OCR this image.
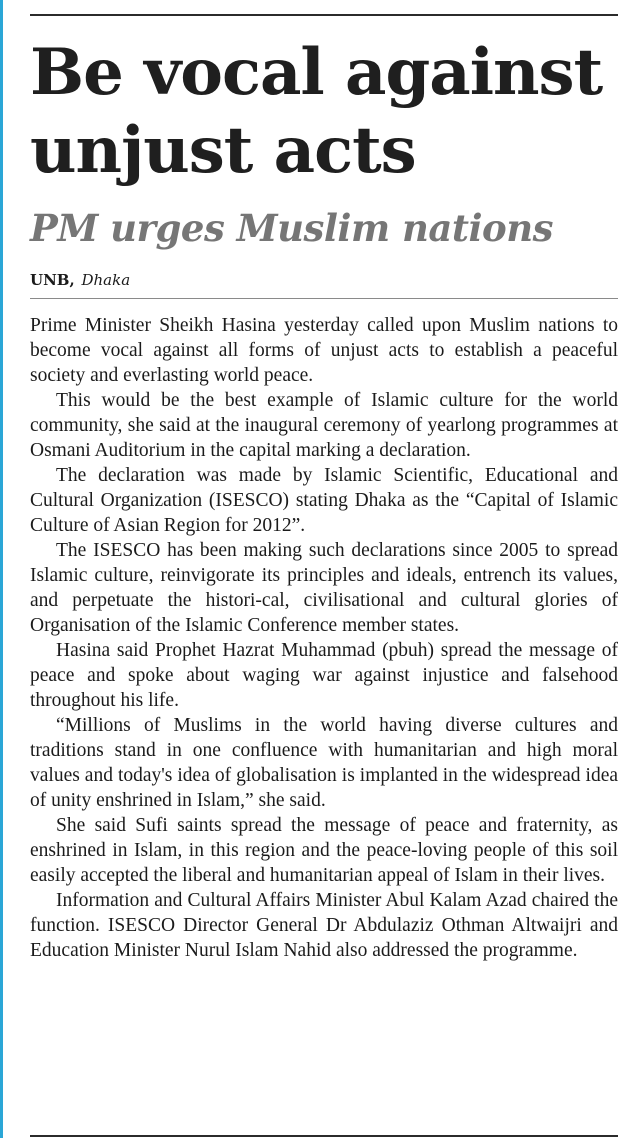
Be vocal against
unjust acts
PM urges Muslim nations
UNB, Dhaka

Prime Minister Sheikh Hasina yesterday called upon Muslim nations to become vocal against all forms of unjust acts to establish a peaceful society and everlasting world peace.

This would be the best example of Islamic culture for the world community, she said at the inaugural ceremony of yearlong programmes at Osmani Auditorium in the capital marking a declaration.

The declaration was made by Islamic Scientific, Educational and Cultural Organization (ISESCO) stating Dhaka as the “Capital of Islamic Culture of Asian Region for 2012”.

The ISESCO has been making such declarations since 2005 to spread Islamic culture, reinvigorate its principles and ideals, entrench its values, and perpetuate the histori-cal, civilisational and cultural glories of Organisation of the Islamic Conference member states.

Hasina said Prophet Hazrat Muhammad (pbuh) spread the message of peace and spoke about waging war against injustice and falsehood throughout his life.

“Millions of Muslims in the world having diverse cultures and traditions stand in one confluence with humanitarian and high moral values and today's idea of globalisation is implanted in the widespread idea of unity enshrined in Islam,” she said.

She said Sufi saints spread the message of peace and fraternity, as enshrined in Islam, in this region and the peace-loving people of this soil easily accepted the liberal and humanitarian appeal of Islam in their lives.

Information and Cultural Affairs Minister Abul Kalam Azad chaired the function. ISESCO Director General Dr Abdulaziz Othman Altwaijri and Education Minister Nurul Islam Nahid also addressed the programme.
